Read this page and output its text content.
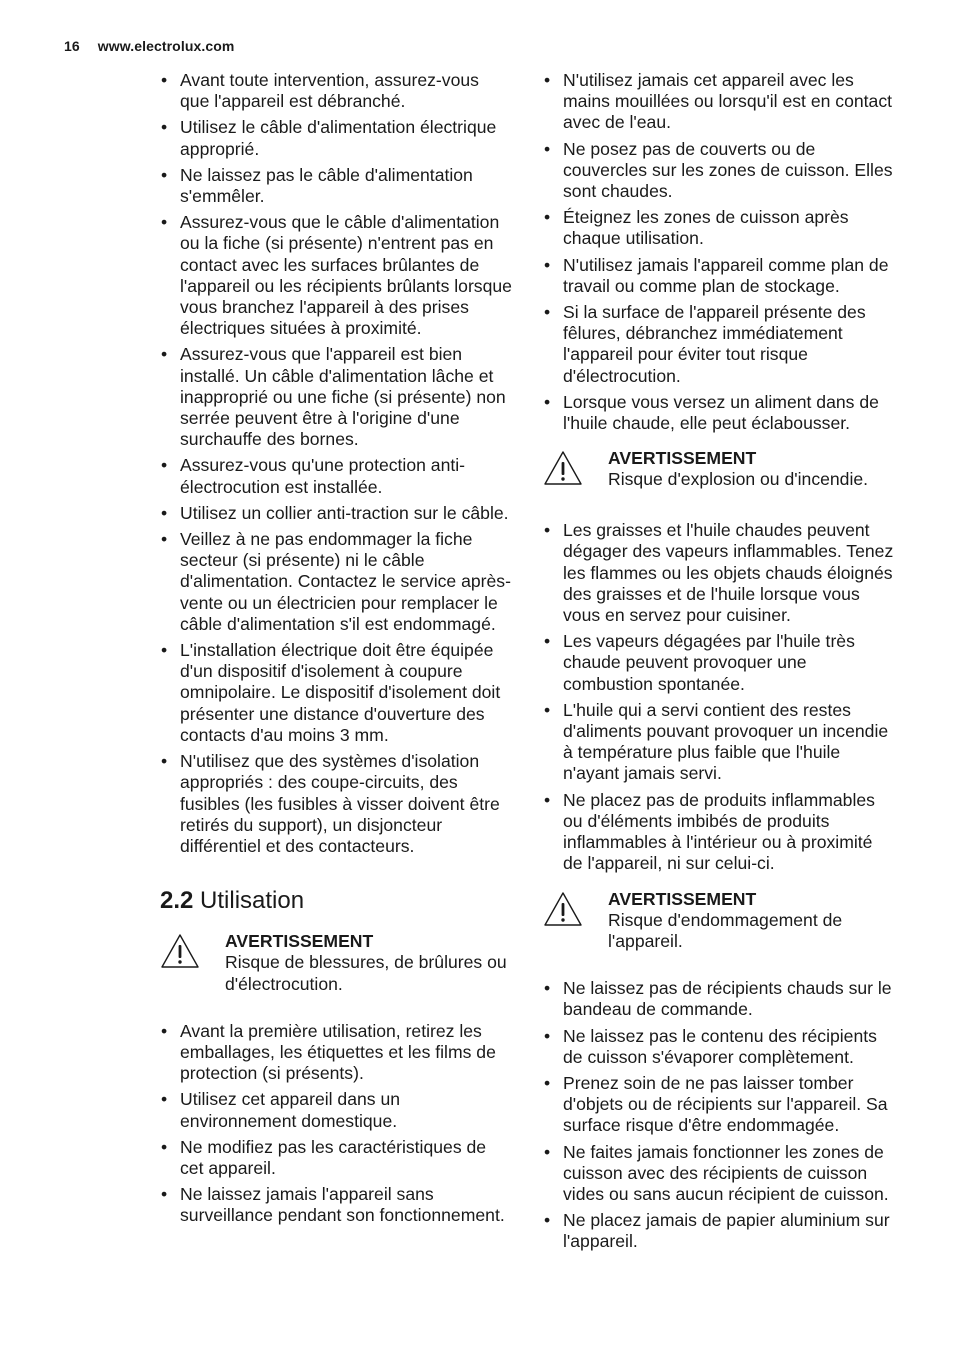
16 www.electrolux.com
• Avant toute intervention, assurez-vous que l'appareil est débranché.
• Utilisez le câble d'alimentation électrique approprié.
• Ne laissez pas le câble d'alimentation s'emmêler.
• Assurez-vous que le câble d'alimentation ou la fiche (si présente) n'entrent pas en contact avec les surfaces brûlantes de l'appareil ou les récipients brûlants lorsque vous branchez l'appareil à des prises électriques situées à proximité.
• Assurez-vous que l'appareil est bien installé. Un câble d'alimentation lâche et inapproprié ou une fiche (si présente) non serrée peuvent être à l'origine d'une surchauffe des bornes.
• Assurez-vous qu'une protection anti-électrocution est installée.
• Utilisez un collier anti-traction sur le câble.
• Veillez à ne pas endommager la fiche secteur (si présente) ni le câble d'alimentation. Contactez le service après-vente ou un électricien pour remplacer le câble d'alimentation s'il est endommagé.
• L'installation électrique doit être équipée d'un dispositif d'isolement à coupure omnipolaire. Le dispositif d'isolement doit présenter une distance d'ouverture des contacts d'au moins 3 mm.
• N'utilisez que des systèmes d'isolation appropriés : des coupe-circuits, des fusibles (les fusibles à visser doivent être retirés du support), un disjoncteur différentiel et des contacteurs.
2.2 Utilisation
AVERTISSEMENT
Risque de blessures, de brûlures ou d'électrocution.
• Avant la première utilisation, retirez les emballages, les étiquettes et les films de protection (si présents).
• Utilisez cet appareil dans un environnement domestique.
• Ne modifiez pas les caractéristiques de cet appareil.
• Ne laissez jamais l'appareil sans surveillance pendant son fonctionnement.
• N'utilisez jamais cet appareil avec les mains mouillées ou lorsqu'il est en contact avec de l'eau.
• Ne posez pas de couverts ou de couvercles sur les zones de cuisson. Elles sont chaudes.
• Éteignez les zones de cuisson après chaque utilisation.
• N'utilisez jamais l'appareil comme plan de travail ou comme plan de stockage.
• Si la surface de l'appareil présente des fêlures, débranchez immédiatement l'appareil pour éviter tout risque d'électrocution.
• Lorsque vous versez un aliment dans de l'huile chaude, elle peut éclabousser.
AVERTISSEMENT
Risque d'explosion ou d'incendie.
• Les graisses et l'huile chaudes peuvent dégager des vapeurs inflammables. Tenez les flammes ou les objets chauds éloignés des graisses et de l'huile lorsque vous vous en servez pour cuisiner.
• Les vapeurs dégagées par l'huile très chaude peuvent provoquer une combustion spontanée.
• L'huile qui a servi contient des restes d'aliments pouvant provoquer un incendie à température plus faible que l'huile n'ayant jamais servi.
• Ne placez pas de produits inflammables ou d'éléments imbibés de produits inflammables à l'intérieur ou à proximité de l'appareil, ni sur celui-ci.
AVERTISSEMENT
Risque d'endommagement de l'appareil.
• Ne laissez pas de récipients chauds sur le bandeau de commande.
• Ne laissez pas le contenu des récipients de cuisson s'évaporer complètement.
• Prenez soin de ne pas laisser tomber d'objets ou de récipients sur l'appareil. Sa surface risque d'être endommagée.
• Ne faites jamais fonctionner les zones de cuisson avec des récipients de cuisson vides ou sans aucun récipient de cuisson.
• Ne placez jamais de papier aluminium sur l'appareil.
